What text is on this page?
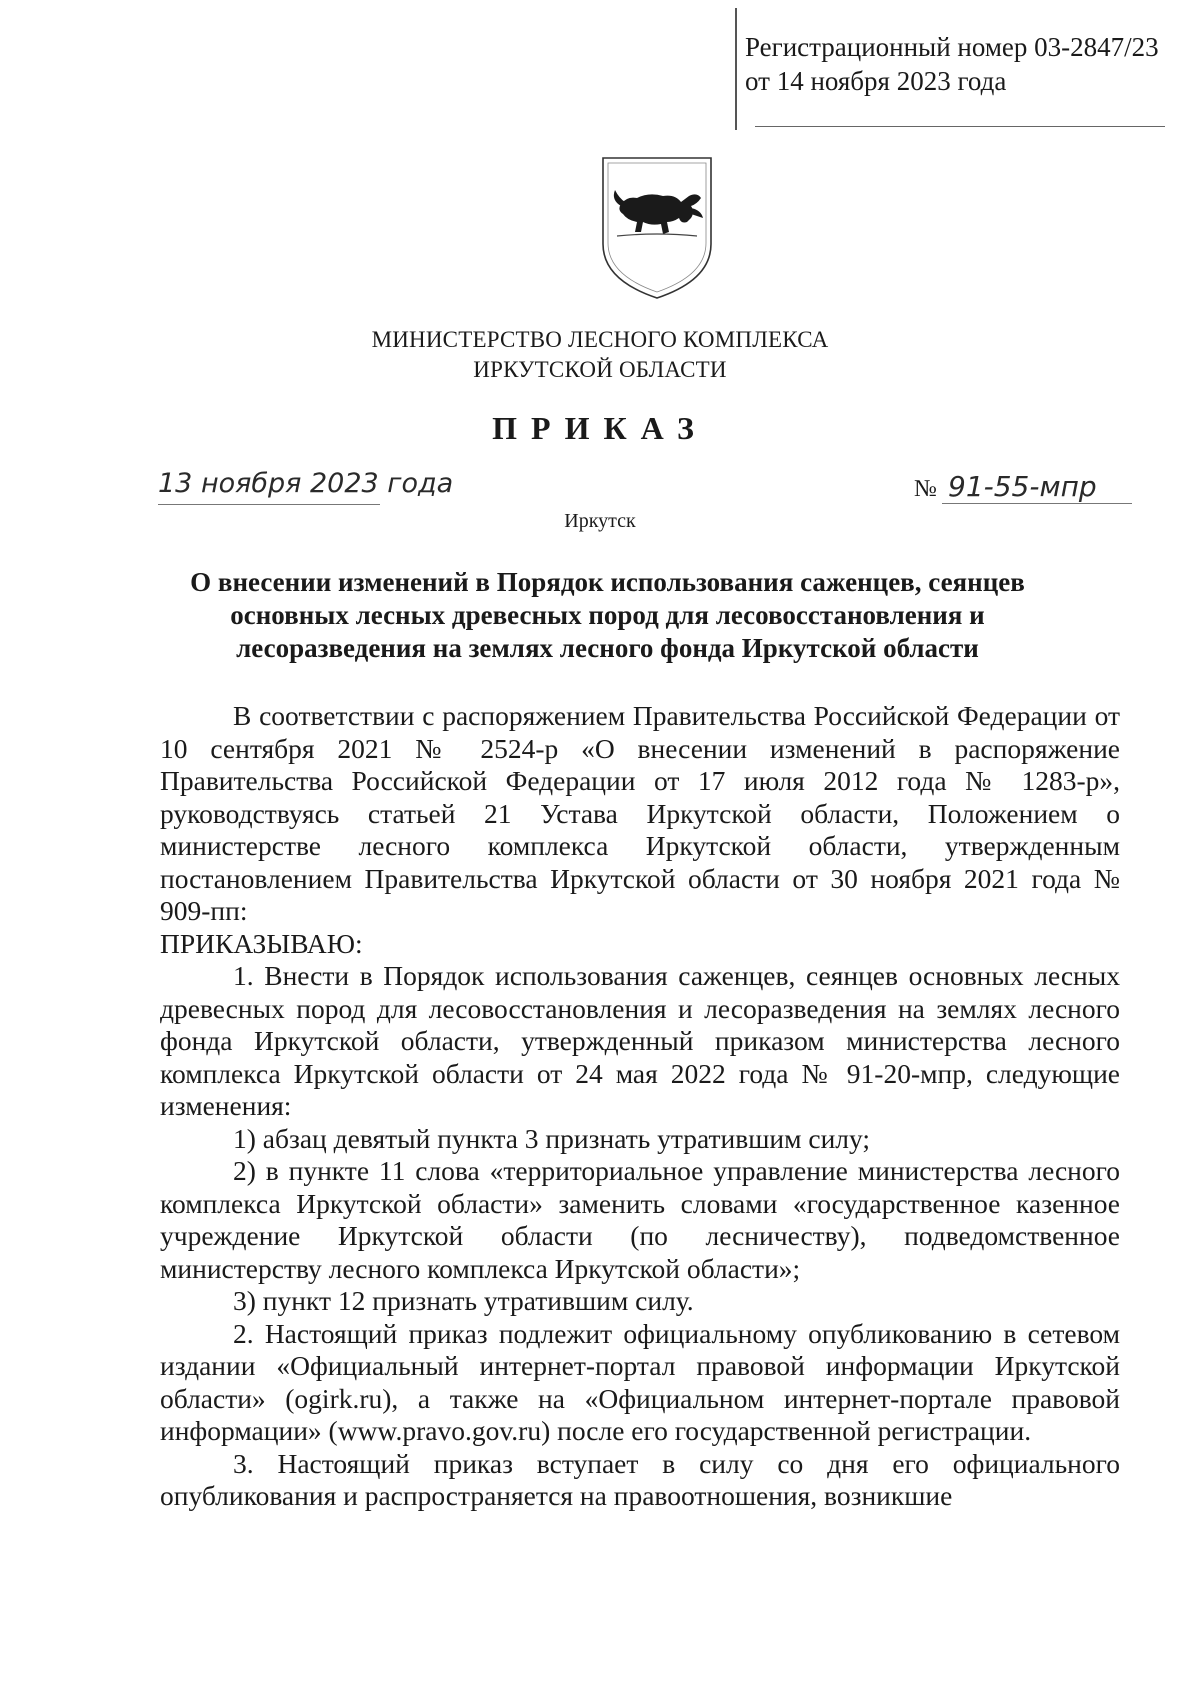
Регистрационный номер 03-2847/23
от 14 ноября 2023 года
МИНИСТЕРСТВО ЛЕСНОГО КОМПЛЕКСА
ИРКУТСКОЙ ОБЛАСТИ
ПРИКАЗ
13 ноября 2023 года	№ 91-55-мпр
Иркутск
О внесении изменений в Порядок использования саженцев, сеянцев основных лесных древесных пород для лесовосстановления и лесоразведения на землях лесного фонда Иркутской области

В соответствии с распоряжением Правительства Российской Федерации от 10 сентября 2021 № 2524-р «О внесении изменений в распоряжение Правительства Российской Федерации от 17 июля 2012 года № 1283-р», руководствуясь статьей 21 Устава Иркутской области, Положением о министерстве лесного комплекса Иркутской области, утвержденным постановлением Правительства Иркутской области от 30 ноября 2021 года № 909-пп:

ПРИКАЗЫВАЮ:

1. Внести в Порядок использования саженцев, сеянцев основных лесных древесных пород для лесовосстановления и лесоразведения на землях лесного фонда Иркутской области, утвержденный приказом министерства лесного комплекса Иркутской области от 24 мая 2022 года № 91-20-мпр, следующие изменения:

1) абзац девятый пункта 3 признать утратившим силу;

2) в пункте 11 слова «территориальное управление министерства лесного комплекса Иркутской области» заменить словами «государственное казенное учреждение Иркутской области (по лесничеству), подведомственное министерству лесного комплекса Иркутской области»;

3) пункт 12 признать утратившим силу.

2. Настоящий приказ подлежит официальному опубликованию в сетевом издании «Официальный интернет-портал правовой информации Иркутской области» (ogirk.ru), а также на «Официальном интернет-портале правовой информации» (www.pravo.gov.ru) после его государственной регистрации.

3. Настоящий приказ вступает в силу со дня его официального опубликования и распространяется на правоотношения, возникшие
